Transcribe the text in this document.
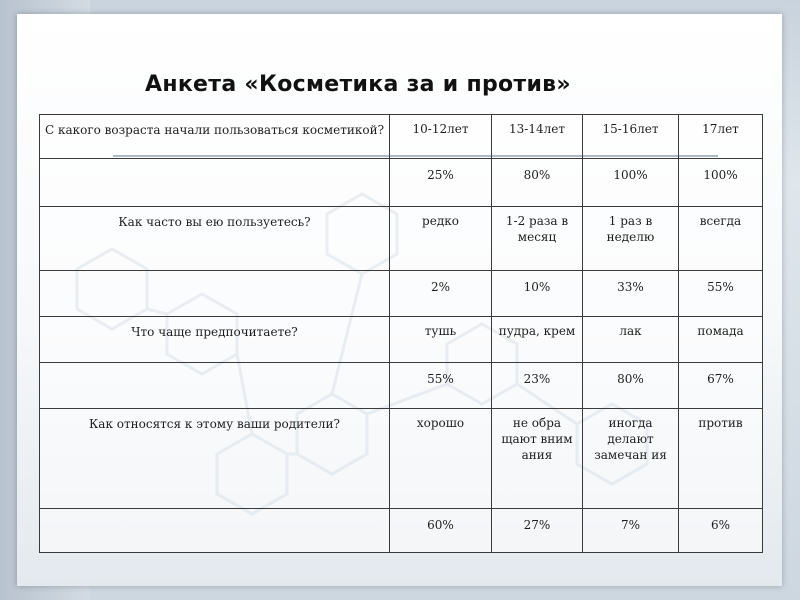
Анкета «Косметика за и против»
С какого возраста начали пользоваться косметикой?	10-12лет	13-14лет	15-16лет	17лет
	25%	80%	100%	100%
Как часто вы ею пользуетесь?	редко	1-2 раза в месяц	1 раз в неделю	всегда
	2%	10%	33%	55%
Что чаще предпочитаете?	тушь	пудра, крем	лак	помада
	55%	23%	80%	67%
Как относятся к этому ваши родители?	хорошо	не обра щают вним ания	иногда делают замечан ия	против
	60%	27%	7%	6%
